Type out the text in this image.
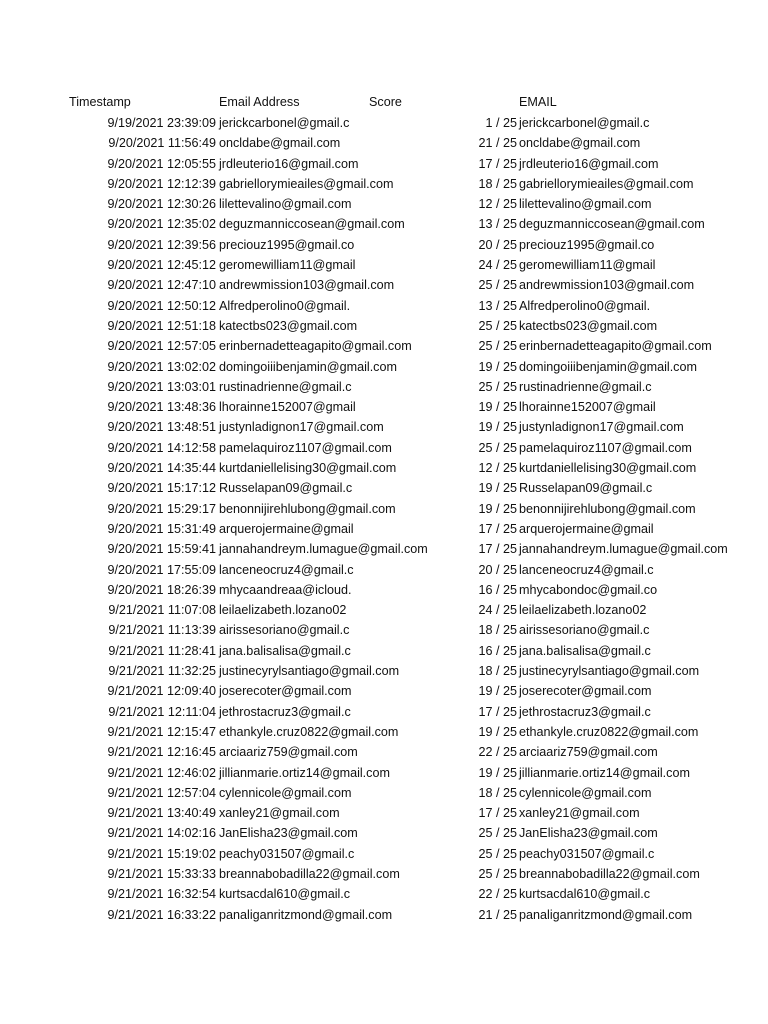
Timestamp	Email Address	Score	EMAIL
9/19/2021 23:39:09 jerickcarbonel@gmail.c	1 / 25 jerickcarbonel@gmail.c
9/20/2021 11:56:49 oncldabe@gmail.com	21 / 25 oncldabe@gmail.com
9/20/2021 12:05:55 jrdleuterio16@gmail.com	17 / 25 jrdleuterio16@gmail.com
9/20/2021 12:12:39 gabriellorymieailes@gmail.com	18 / 25 gabriellorymieailes@gmail.com
9/20/2021 12:30:26 lilettevalino@gmail.com	12 / 25 lilettevalino@gmail.com
9/20/2021 12:35:02 deguzmanniccosean@gmail.com	13 / 25 deguzmanniccosean@gmail.com
9/20/2021 12:39:56 preciouz1995@gmail.co	20 / 25 preciouz1995@gmail.co
9/20/2021 12:45:12 geromewilliam11@gmail	24 / 25 geromewilliam11@gmail
9/20/2021 12:47:10 andrewmission103@gmail.com	25 / 25 andrewmission103@gmail.com
9/20/2021 12:50:12 Alfredperolino0@gmail.	13 / 25 Alfredperolino0@gmail.
9/20/2021 12:51:18 katectbs023@gmail.com	25 / 25 katectbs023@gmail.com
9/20/2021 12:57:05 erinbernadetteagapito@gmail.com	25 / 25 erinbernadetteagapito@gmail.com
9/20/2021 13:02:02 domingoiiibenjamin@gmail.com	19 / 25 domingoiiibenjamin@gmail.com
9/20/2021 13:03:01 rustinadrienne@gmail.c	25 / 25 rustinadrienne@gmail.c
9/20/2021 13:48:36 lhorainne152007@gmail	19 / 25 lhorainne152007@gmail
9/20/2021 13:48:51 justynladignon17@gmail.com	19 / 25 justynladignon17@gmail.com
9/20/2021 14:12:58 pamelaquiroz1107@gmail.com	25 / 25 pamelaquiroz1107@gmail.com
9/20/2021 14:35:44 kurtdaniellelising30@gmail.com	12 / 25 kurtdaniellelising30@gmail.com
9/20/2021 15:17:12 Russelapan09@gmail.c	19 / 25 Russelapan09@gmail.c
9/20/2021 15:29:17 benonnijirehlubong@gmail.com	19 / 25 benonnijirehlubong@gmail.com
9/20/2021 15:31:49 arquerojermaine@gmail	17 / 25 arquerojermaine@gmail
9/20/2021 15:59:41 jannahandreym.lumague@gmail.com	17 / 25 jannahandreym.lumague@gmail.com
9/20/2021 17:55:09 lanceneocruz4@gmail.c	20 / 25 lanceneocruz4@gmail.c
9/20/2021 18:26:39 mhycaandreaa@icloud.	16 / 25 mhycabondoc@gmail.co
9/21/2021 11:07:08 leilaelizabeth.lozano02	24 / 25 leilaelizabeth.lozano02
9/21/2021 11:13:39 airissesoriano@gmail.c	18 / 25 airissesoriano@gmail.c
9/21/2021 11:28:41 jana.balisalisa@gmail.c	16 / 25 jana.balisalisa@gmail.c
9/21/2021 11:32:25 justinecyrylsantiago@gmail.com	18 / 25 justinecyrylsantiago@gmail.com
9/21/2021 12:09:40 joserecoter@gmail.com	19 / 25 joserecoter@gmail.com
9/21/2021 12:11:04 jethrostacruz3@gmail.c	17 / 25 jethrostacruz3@gmail.c
9/21/2021 12:15:47 ethankyle.cruz0822@gmail.com	19 / 25 ethankyle.cruz0822@gmail.com
9/21/2021 12:16:45 arciaariz759@gmail.com	22 / 25 arciaariz759@gmail.com
9/21/2021 12:46:02 jillianmarie.ortiz14@gmail.com	19 / 25 jillianmarie.ortiz14@gmail.com
9/21/2021 12:57:04 cylennicole@gmail.com	18 / 25 cylennicole@gmail.com
9/21/2021 13:40:49 xanley21@gmail.com	17 / 25 xanley21@gmail.com
9/21/2021 14:02:16 JanElisha23@gmail.com	25 / 25 JanElisha23@gmail.com
9/21/2021 15:19:02 peachy031507@gmail.c	25 / 25 peachy031507@gmail.c
9/21/2021 15:33:33 breannabobadilla22@gmail.com	25 / 25 breannabobadilla22@gmail.com
9/21/2021 16:32:54 kurtsacdal610@gmail.c	22 / 25 kurtsacdal610@gmail.c
9/21/2021 16:33:22 panaliganritzmond@gmail.com	21 / 25 panaliganritzmond@gmail.com
